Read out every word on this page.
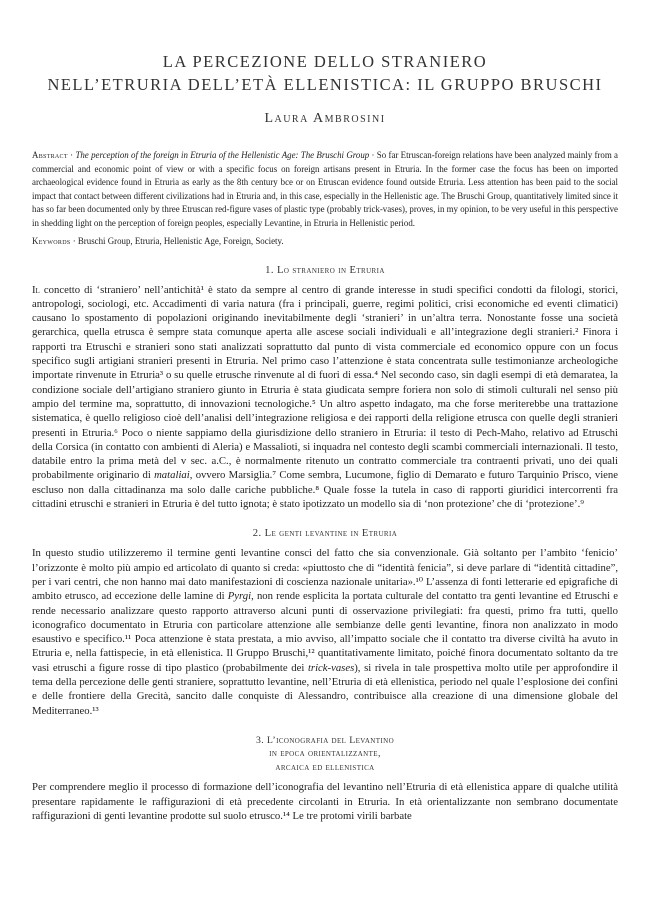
LA PERCEZIONE DELLO STRANIERO
NELL’ETRURIA DELL’ETÀ ELLENISTICA: IL GRUPPO BRUSCHI
Laura Ambrosini
Abstract · The perception of the foreign in Etruria of the Hellenistic Age: The Bruschi Group · So far Etruscan-foreign relations have been analyzed mainly from a commercial and economic point of view or with a specific focus on foreign artisans present in Etruria. In the former case the focus has been on imported archaeological evidence found in Etruria as early as the 8th century bce or on Etruscan evidence found outside Etruria. Less attention has been paid to the social impact that contact between different civilizations had in Etruria and, in this case, especially in the Hellenistic age. The Bruschi Group, quantitatively limited since it has so far been documented only by three Etruscan red-figure vases of plastic type (probably trick-vases), proves, in my opinion, to be very useful in this perspective in shedding light on the perception of foreign peoples, especially Levantine, in Etruria in Hellenistic period.
Keywords · Bruschi Group, Etruria, Hellenistic Age, Foreign, Society.
1. Lo straniero in Etruria

Il concetto di ‘straniero’ nell’antichità¹ è stato da sempre al centro di grande interesse in studi specifici condotti da filologi, storici, antropologi, sociologi, etc. Accadimenti di varia natura (fra i principali, guerre, regimi politici, crisi economiche ed eventi climatici) causano lo spostamento di popolazioni originando inevitabilmente degli ‘stranieri’ in un’altra terra. Nonostante fosse una società gerarchica, quella etrusca è sempre stata comunque aperta alle ascese sociali individuali e all’integrazione degli stranieri.² Finora i rapporti tra Etruschi e stranieri sono stati analizzati soprattutto dal punto di vista commerciale ed economico oppure con un focus specifico sugli artigiani stranieri presenti in Etruria. Nel primo caso l’attenzione è stata concentrata sulle testimonianze archeologiche importate rinvenute in Etruria³ o su quelle etrusche rinvenute al di fuori di essa.⁴ Nel secondo caso, sin dagli esempi di età demaratea, la condizione sociale dell’artigiano straniero giunto in Etruria è stata giudicata sempre foriera non solo di stimoli culturali nel senso più ampio del termine ma, soprattutto, di innovazioni tecnologiche.⁵ Un altro aspetto indagato, ma che forse meriterebbe una trattazione sistematica, è quello religioso cioè dell’analisi dell’integrazione religiosa e dei rapporti della religione etrusca con quelle degli stranieri presenti in Etruria.⁶ Poco o niente sappiamo della giurisdizione dello straniero in Etruria: il testo di Pech-Maho, relativo ad Etruschi della Corsica (in contatto con ambienti di Aleria) e Massalioti, si inquadra nel contesto degli scambi commerciali internazionali. Il testo, databile entro la prima metà del v sec. a.C., è normalmente ritenuto un contratto commerciale tra contraenti privati, uno dei quali probabilmente originario di mataliai, ovvero Marsiglia.⁷ Come sembra, Lucumone, figlio di Demarato e futuro Tarquinio Prisco, viene escluso non dalla cittadinanza ma solo dalle cariche pubbliche.⁸ Quale fosse la tutela in caso di rapporti giuridici intercorrenti fra cittadini etruschi e stranieri in Etruria è del tutto ignota; è stato ipotizzato un modello sia di ‘non protezione’ che di ‘protezione’.⁹

2. Le genti levantine in Etruria

In questo studio utilizzeremo il termine genti levantine consci del fatto che sia convenzionale. Già soltanto per l’ambito ‘fenicio’ l’orizzonte è molto più ampio ed articolato di quanto si creda: «piuttosto che di “identità fenicia”, si deve parlare di “identità cittadine”, per i vari centri, che non hanno mai dato manifestazioni di coscienza nazionale unitaria».¹⁰ L’assenza di fonti letterarie ed epigrafiche di ambito etrusco, ad eccezione delle lamine di Pyrgi, non rende esplicita la portata culturale del contatto tra genti levantine ed Etruschi e rende necessario analizzare questo rapporto attraverso alcuni punti di osservazione privilegiati: fra questi, primo fra tutti, quello iconografico documentato in Etruria con particolare attenzione alle sembianze delle genti levantine, finora non analizzato in modo esaustivo e specifico.¹¹ Poca attenzione è stata prestata, a mio avviso, all’impatto sociale che il contatto tra diverse civiltà ha avuto in Etruria e, nella fattispecie, in età ellenistica. Il Gruppo Bruschi,¹² quantitativamente limitato, poiché finora documentato soltanto da tre vasi etruschi a figure rosse di tipo plastico (probabilmente dei trick-vases), si rivela in tale prospettiva molto utile per approfondire il tema della percezione delle genti straniere, soprattutto levantine, nell’Etruria di età ellenistica, periodo nel quale l’esplosione dei confini e delle frontiere della Grecità, sancito dalle conquiste di Alessandro, contribuisce alla creazione di una dimensione globale del Mediterraneo.¹³

3. L’iconografia del Levantino
in epoca orientalizzante,
arcaica ed ellenistica

Per comprendere meglio il processo di formazione dell’iconografia del levantino nell’Etruria di età ellenistica appare di qualche utilità presentare rapidamente le raffigurazioni di età precedente circolanti in Etruria. In età orientalizzante non sembrano documentate raffigurazioni di genti levantine prodotte sul suolo etrusco.¹⁴ Le tre protomi virili barbate
